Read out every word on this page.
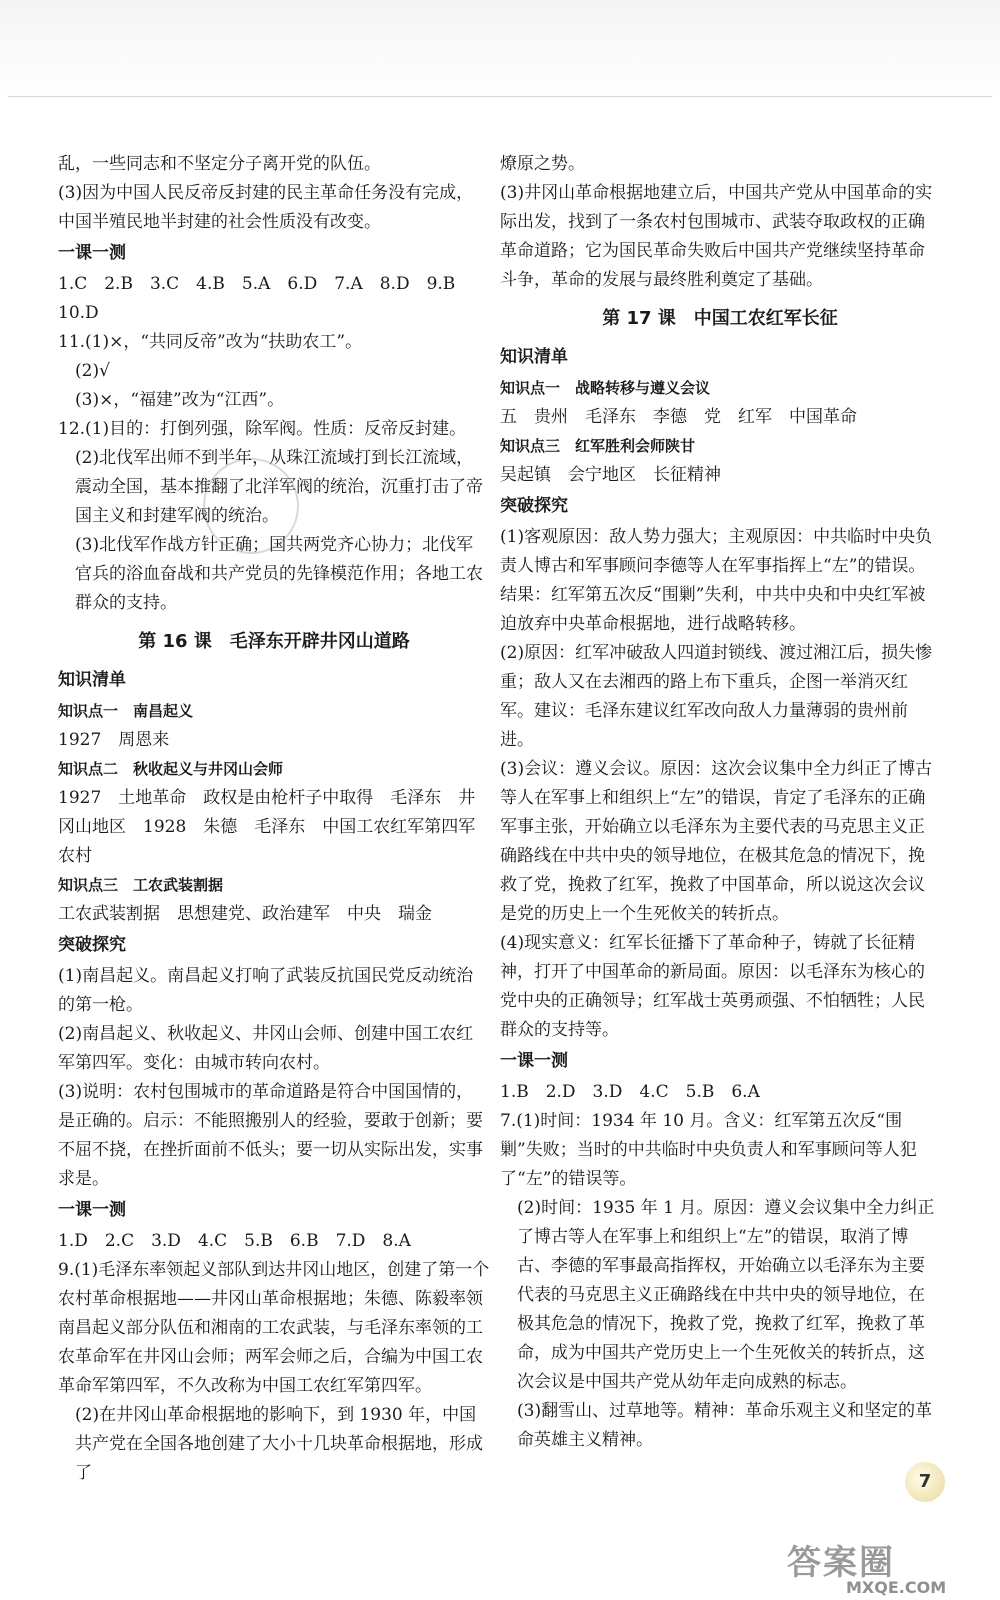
乱，一些同志和不坚定分子离开党的队伍。

(3)因为中国人民反帝反封建的民主革命任务没有完成，中国半殖民地半封建的社会性质没有改变。

一课一测

1.C　2.B　3.C　4.B　5.A　6.D　7.A　8.D　9.B　10.D

11.(1)×，“共同反帝”改为“扶助农工”。

(2)√

(3)×，“福建”改为“江西”。

12.(1)目的：打倒列强，除军阀。性质：反帝反封建。

(2)北伐军出师不到半年，从珠江流域打到长江流域，震动全国，基本推翻了北洋军阀的统治，沉重打击了帝国主义和封建军阀的统治。

(3)北伐军作战方针正确；国共两党齐心协力；北伐军官兵的浴血奋战和共产党员的先锋模范作用；各地工农群众的支持。

第 16 课　毛泽东开辟井冈山道路
知识清单
知识点一　南昌起义

1927　周恩来

知识点二　秋收起义与井冈山会师

1927　土地革命　政权是由枪杆子中取得　毛泽东　井冈山地区　1928　朱德　毛泽东　中国工农红军第四军　农村

知识点三　工农武装割据

工农武装割据　思想建党、政治建军　中央　瑞金

突破探究

(1)南昌起义。南昌起义打响了武装反抗国民党反动统治的第一枪。

(2)南昌起义、秋收起义、井冈山会师、创建中国工农红军第四军。变化：由城市转向农村。

(3)说明：农村包围城市的革命道路是符合中国国情的，是正确的。启示：不能照搬别人的经验，要敢于创新；要不屈不挠，在挫折面前不低头；要一切从实际出发，实事求是。

一课一测

1.D　2.C　3.D　4.C　5.B　6.B　7.D　8.A

9.(1)毛泽东率领起义部队到达井冈山地区，创建了第一个农村革命根据地——井冈山革命根据地；朱德、陈毅率领南昌起义部分队伍和湘南的工农武装，与毛泽东率领的工农革命军在井冈山会师；两军会师之后，合编为中国工农革命军第四军，不久改称为中国工农红军第四军。

(2)在井冈山革命根据地的影响下，到 1930 年，中国共产党在全国各地创建了大小十几块革命根据地，形成了

燎原之势。

(3)井冈山革命根据地建立后，中国共产党从中国革命的实际出发，找到了一条农村包围城市、武装夺取政权的正确革命道路；它为国民革命失败后中国共产党继续坚持革命斗争，革命的发展与最终胜利奠定了基础。

第 17 课　中国工农红军长征
知识清单
知识点一　战略转移与遵义会议

五　贵州　毛泽东　李德　党　红军　中国革命

知识点三　红军胜利会师陕甘

吴起镇　会宁地区　长征精神

突破探究

(1)客观原因：敌人势力强大；主观原因：中共临时中央负责人博古和军事顾问李德等人在军事指挥上“左”的错误。结果：红军第五次反“围剿”失利，中共中央和中央红军被迫放弃中央革命根据地，进行战略转移。

(2)原因：红军冲破敌人四道封锁线、渡过湘江后，损失惨重；敌人又在去湘西的路上布下重兵，企图一举消灭红军。建议：毛泽东建议红军改向敌人力量薄弱的贵州前进。

(3)会议：遵义会议。原因：这次会议集中全力纠正了博古等人在军事上和组织上“左”的错误，肯定了毛泽东的正确军事主张，开始确立以毛泽东为主要代表的马克思主义正确路线在中共中央的领导地位，在极其危急的情况下，挽救了党，挽救了红军，挽救了中国革命，所以说这次会议是党的历史上一个生死攸关的转折点。

(4)现实意义：红军长征播下了革命种子，铸就了长征精神，打开了中国革命的新局面。原因：以毛泽东为核心的党中央的正确领导；红军战士英勇顽强、不怕牺牲；人民群众的支持等。

一课一测

1.B　2.D　3.D　4.C　5.B　6.A

7.(1)时间：1934 年 10 月。含义：红军第五次反“围剿”失败；当时的中共临时中央负责人和军事顾问等人犯了“左”的错误等。

(2)时间：1935 年 1 月。原因：遵义会议集中全力纠正了博古等人在军事上和组织上“左”的错误，取消了博古、李德的军事最高指挥权，开始确立以毛泽东为主要代表的马克思主义正确路线在中共中央的领导地位，在极其危急的情况下，挽救了党，挽救了红军，挽救了革命，成为中国共产党历史上一个生死攸关的转折点，这次会议是中国共产党从幼年走向成熟的标志。

(3)翻雪山、过草地等。精神：革命乐观主义和坚定的革命英雄主义精神。

7
答案圈
MXQE.COM
